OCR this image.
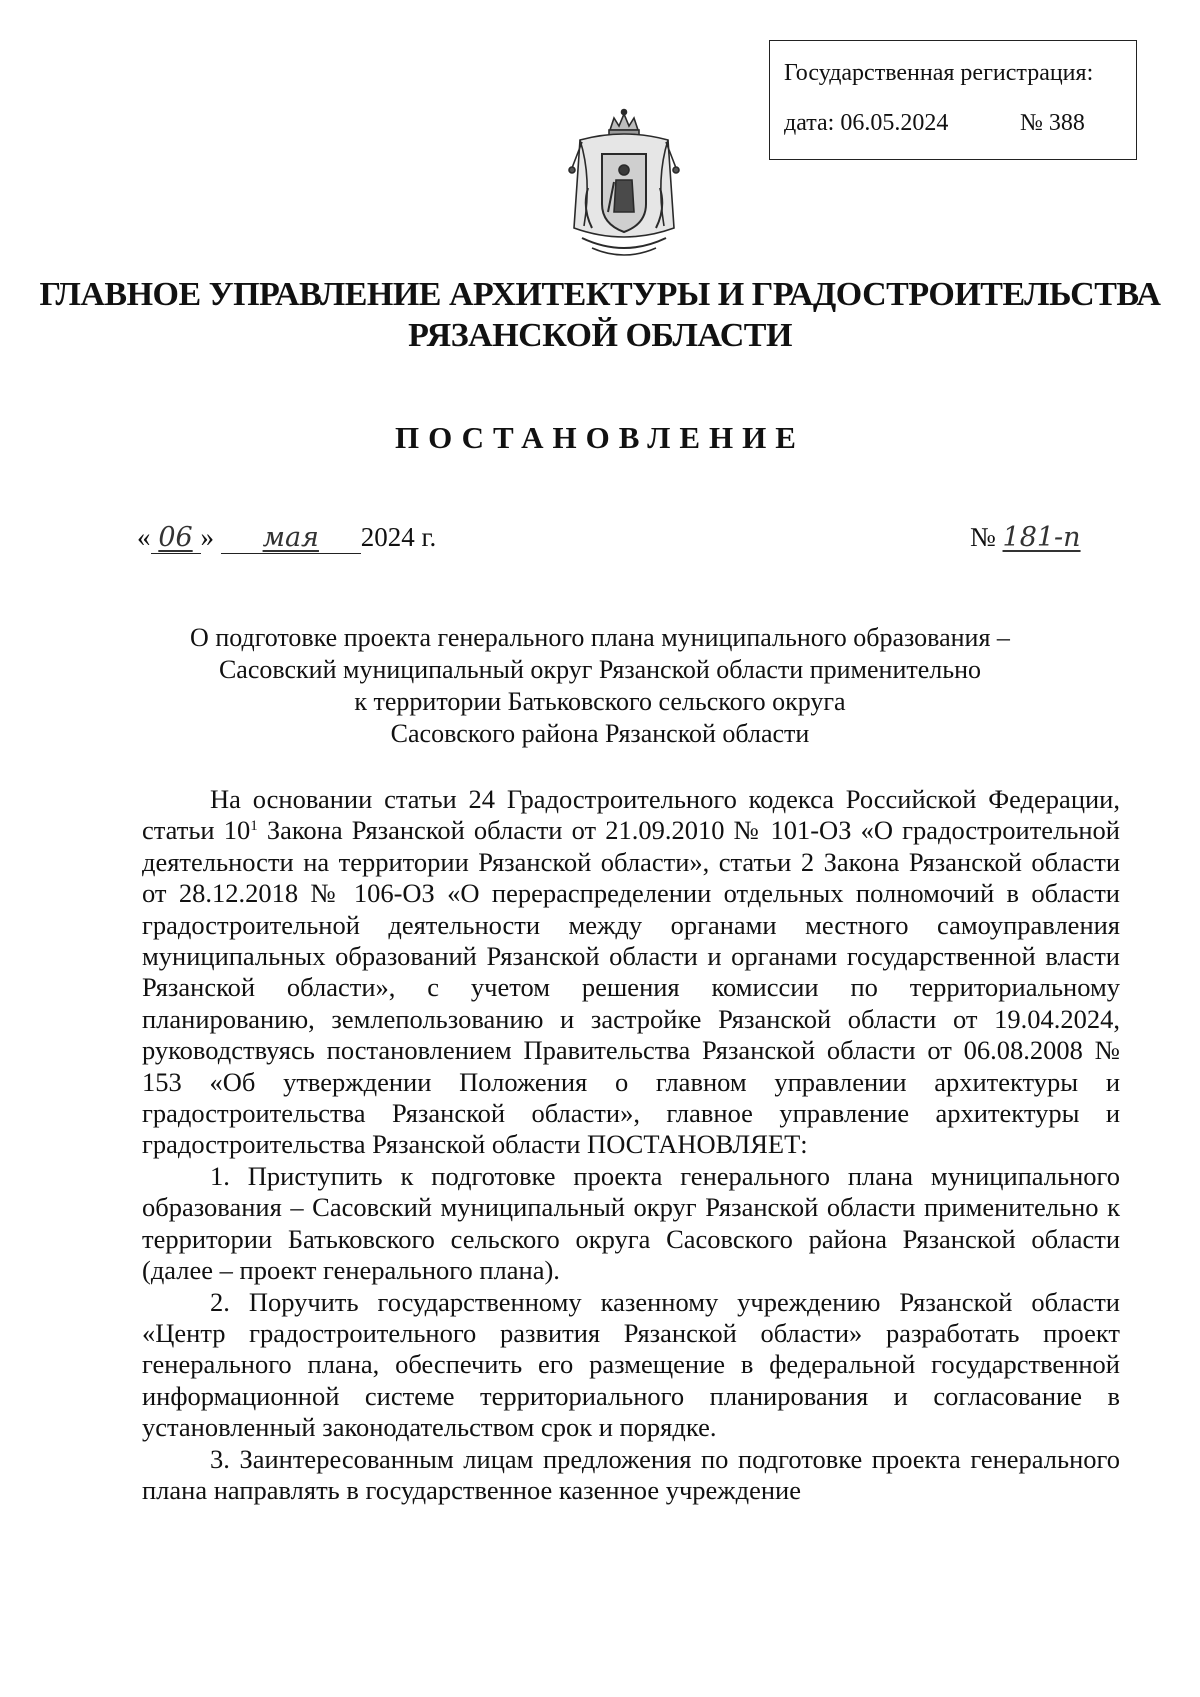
Государственная регистрация:
дата: 06.05.2024	№ 388
ГЛАВНОЕ УПРАВЛЕНИЕ АРХИТЕКТУРЫ И ГРАДОСТРОИТЕЛЬСТВА
РЯЗАНСКОЙ ОБЛАСТИ
ПОСТАНОВЛЕНИЕ
« 06 » мая 2024 г.	№ 181-п
О подготовке проекта генерального плана муниципального образования –
Сасовский муниципальный округ Рязанской области применительно
к территории Батьковского сельского округа
Сасовского района Рязанской области

На основании статьи 24 Градостроительного кодекса Российской Федерации, статьи $10^1$ Закона Рязанской области от 21.09.2010 № 101-ОЗ «О градостроительной деятельности на территории Рязанской области», статьи 2 Закона Рязанской области от 28.12.2018 № 106-ОЗ «О перераспределении отдельных полномочий в области градостроительной деятельности между органами местного самоуправления муниципальных образований Рязанской области и органами государственной власти Рязанской области», с учетом решения комиссии по территориальному планированию, землепользованию и застройке Рязанской области от 19.04.2024, руководствуясь постановлением Правительства Рязанской области от 06.08.2008 № 153 «Об утверждении Положения о главном управлении архитектуры и градостроительства Рязанской области», главное управление архитектуры и градостроительства Рязанской области ПОСТАНОВЛЯЕТ:

1. Приступить к подготовке проекта генерального плана муниципального образования – Сасовский муниципальный округ Рязанской области применительно к территории Батьковского сельского округа Сасовского района Рязанской области (далее – проект генерального плана).

2. Поручить государственному казенному учреждению Рязанской области «Центр градостроительного развития Рязанской области» разработать проект генерального плана, обеспечить его размещение в федеральной государственной информационной системе территориального планирования и согласование в установленный законодательством срок и порядке.

3. Заинтересованным лицам предложения по подготовке проекта генерального плана направлять в государственное казенное учреждение
